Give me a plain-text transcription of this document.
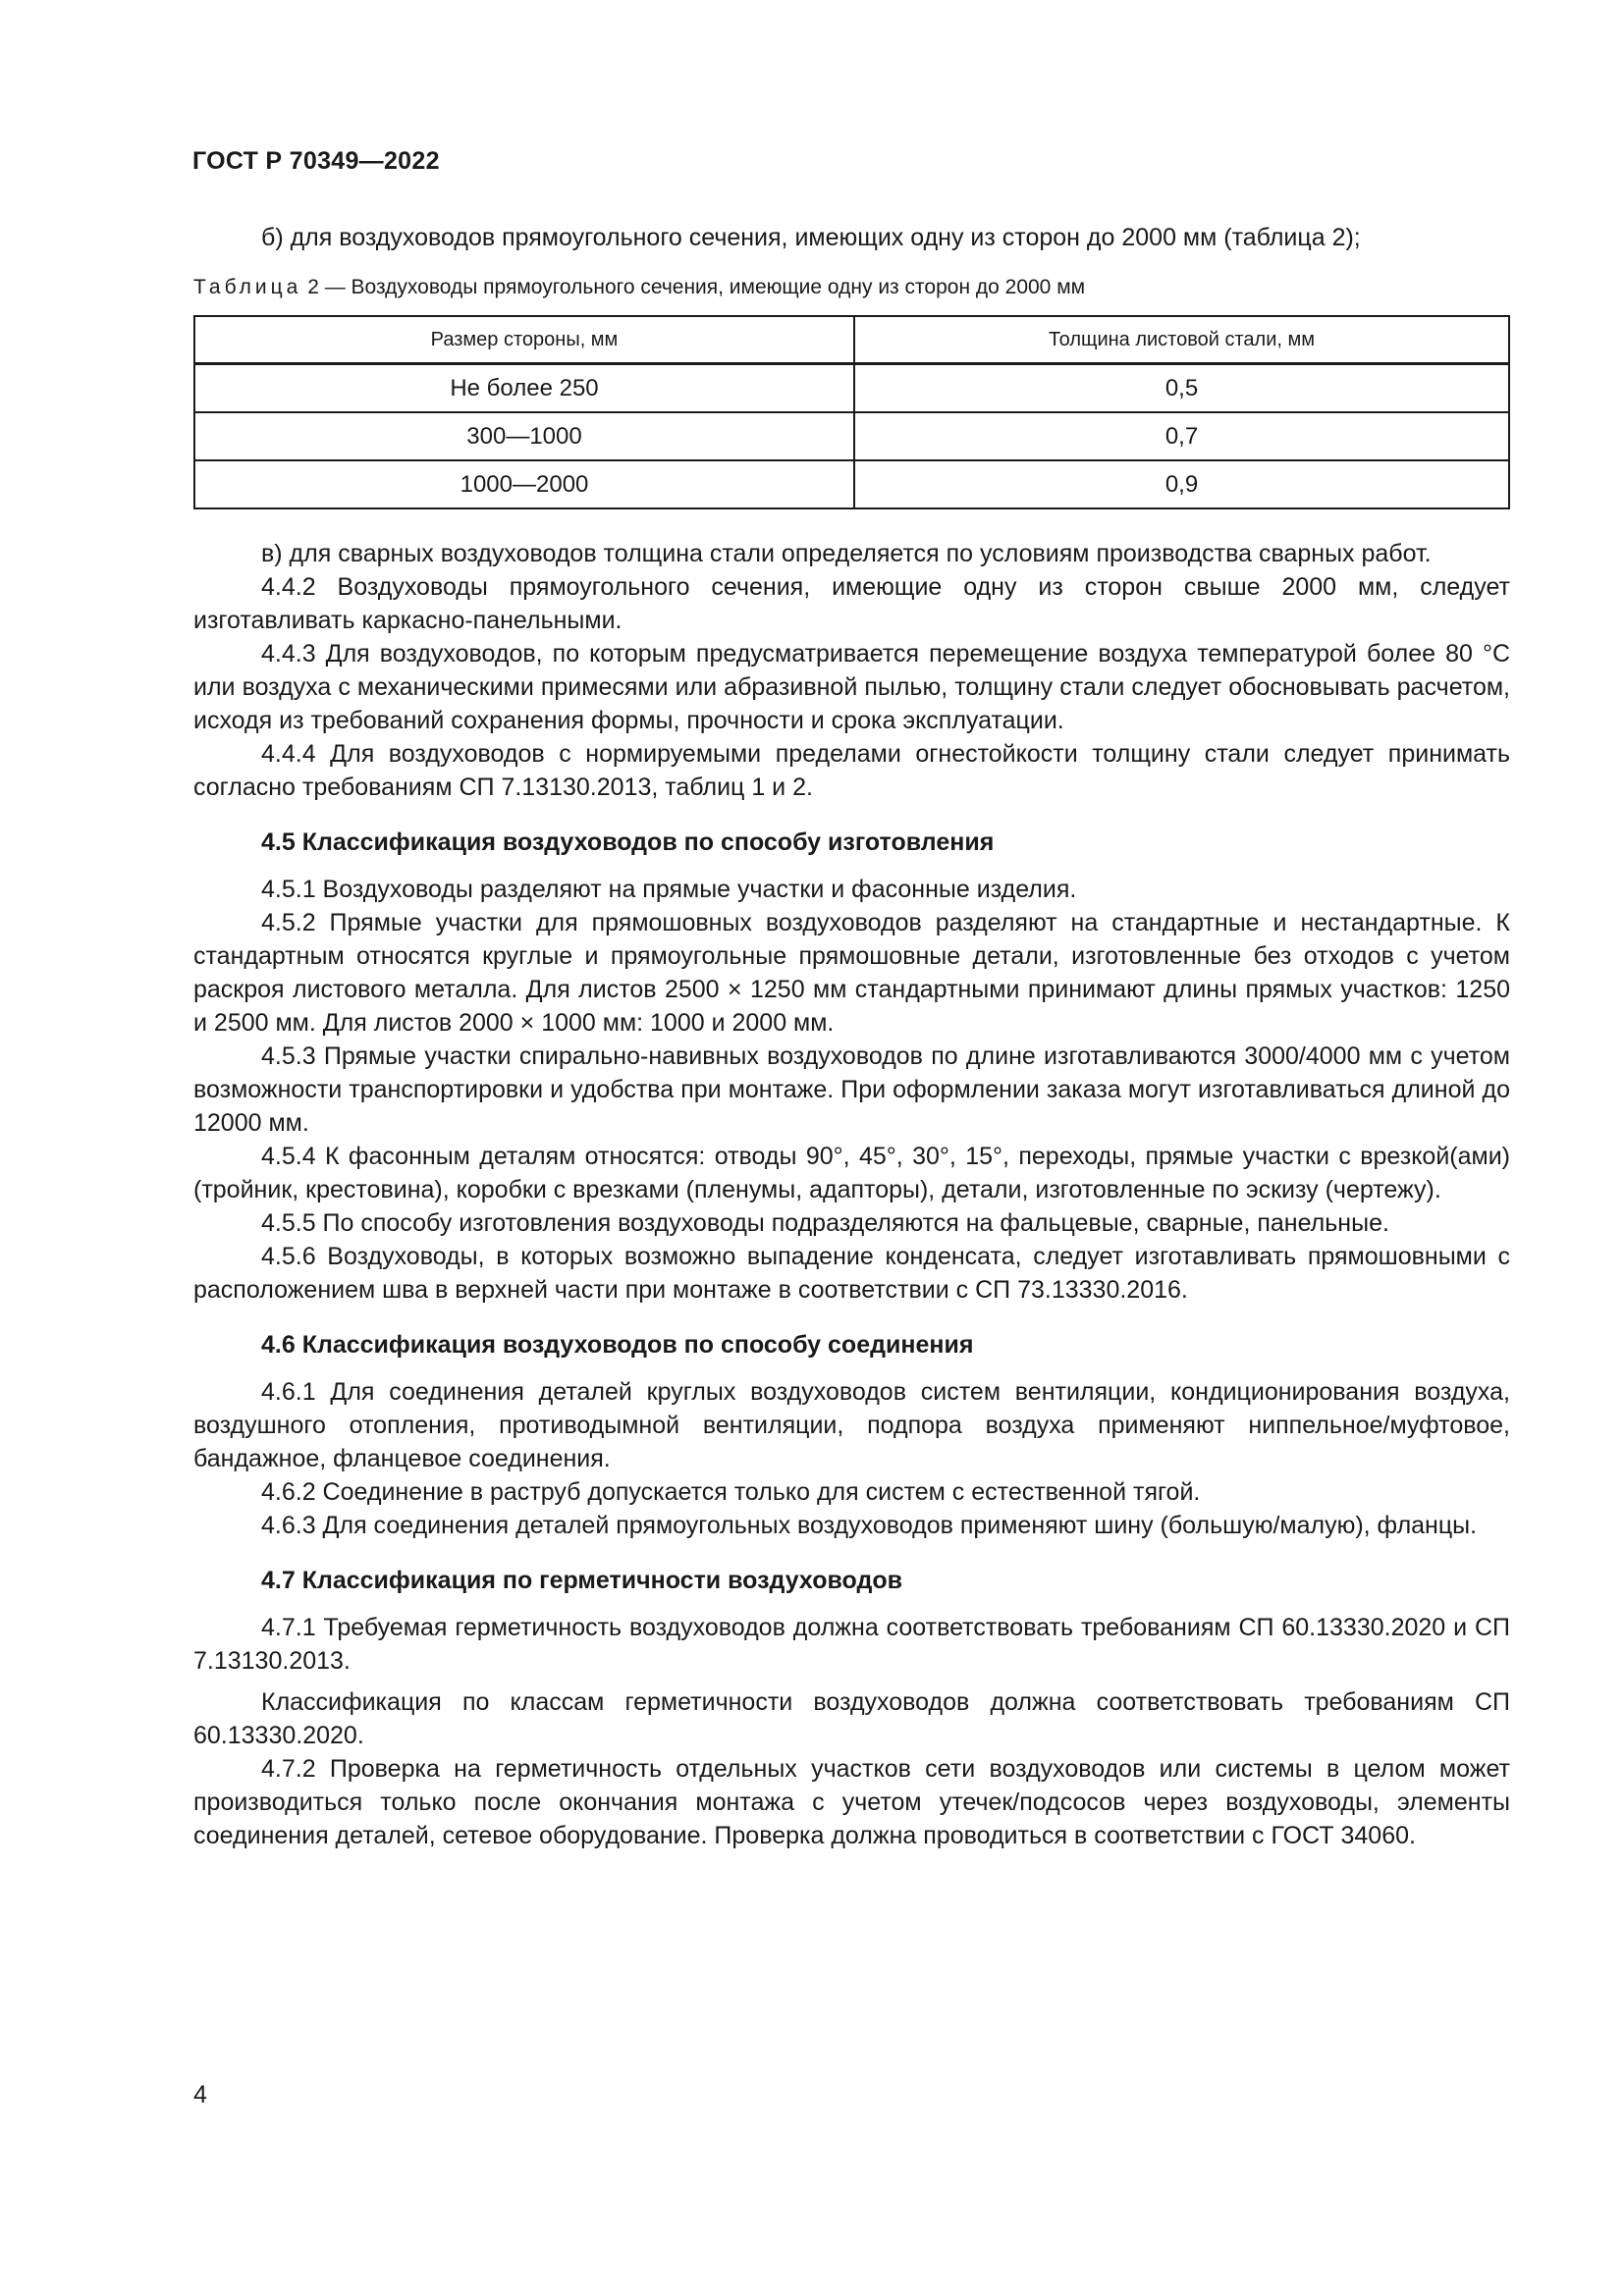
ГОСТ Р 70349—2022

б) для воздуховодов прямоугольного сечения, имеющих одну из сторон до 2000 мм (таблица 2);

Таблица 2 — Воздуховоды прямоугольного сечения, имеющие одну из сторон до 2000 мм

Размер стороны, мм	Толщина листовой стали, мм
Не более 250	0,5
300—1000	0,7
1000—2000	0,9

в) для сварных воздуховодов толщина стали определяется по условиям производства сварных работ.

4.4.2 Воздуховоды прямоугольного сечения, имеющие одну из сторон свыше 2000 мм, следует изготавливать каркасно-панельными.

4.4.3 Для воздуховодов, по которым предусматривается перемещение воздуха температурой более 80 °С или воздуха с механическими примесями или абразивной пылью, толщину стали следует обосновывать расчетом, исходя из требований сохранения формы, прочности и срока эксплуатации.

4.4.4 Для воздуховодов с нормируемыми пределами огнестойкости толщину стали следует принимать согласно требованиям СП 7.13130.2013, таблиц 1 и 2.

4.5 Классификация воздуховодов по способу изготовления

4.5.1 Воздуховоды разделяют на прямые участки и фасонные изделия.

4.5.2 Прямые участки для прямошовных воздуховодов разделяют на стандартные и нестандартные. К стандартным относятся круглые и прямоугольные прямошовные детали, изготовленные без отходов с учетом раскроя листового металла. Для листов 2500 × 1250 мм стандартными принимают длины прямых участков: 1250 и 2500 мм. Для листов 2000 × 1000 мм: 1000 и 2000 мм.

4.5.3 Прямые участки спирально-навивных воздуховодов по длине изготавливаются 3000/4000 мм с учетом возможности транспортировки и удобства при монтаже. При оформлении заказа могут изготавливаться длиной до 12000 мм.

4.5.4 К фасонным деталям относятся: отводы 90°, 45°, 30°, 15°, переходы, прямые участки с врезкой(ами) (тройник, крестовина), коробки с врезками (пленумы, адапторы), детали, изготовленные по эскизу (чертежу).

4.5.5 По способу изготовления воздуховоды подразделяются на фальцевые, сварные, панельные.

4.5.6 Воздуховоды, в которых возможно выпадение конденсата, следует изготавливать прямошовными с расположением шва в верхней части при монтаже в соответствии с СП 73.13330.2016.

4.6 Классификация воздуховодов по способу соединения

4.6.1 Для соединения деталей круглых воздуховодов систем вентиляции, кондиционирования воздуха, воздушного отопления, противодымной вентиляции, подпора воздуха применяют ниппельное/муфтовое, бандажное, фланцевое соединения.

4.6.2 Соединение в раструб допускается только для систем с естественной тягой.

4.6.3 Для соединения деталей прямоугольных воздуховодов применяют шину (большую/малую), фланцы.

4.7 Классификация по герметичности воздуховодов

4.7.1 Требуемая герметичность воздуховодов должна соответствовать требованиям СП 60.13330.2020 и СП 7.13130.2013.

Классификация по классам герметичности воздуховодов должна соответствовать требованиям СП 60.13330.2020.

4.7.2 Проверка на герметичность отдельных участков сети воздуховодов или системы в целом может производиться только после окончания монтажа с учетом утечек/подсосов через воздуховоды, элементы соединения деталей, сетевое оборудование. Проверка должна проводиться в соответствии с ГОСТ 34060.

4
